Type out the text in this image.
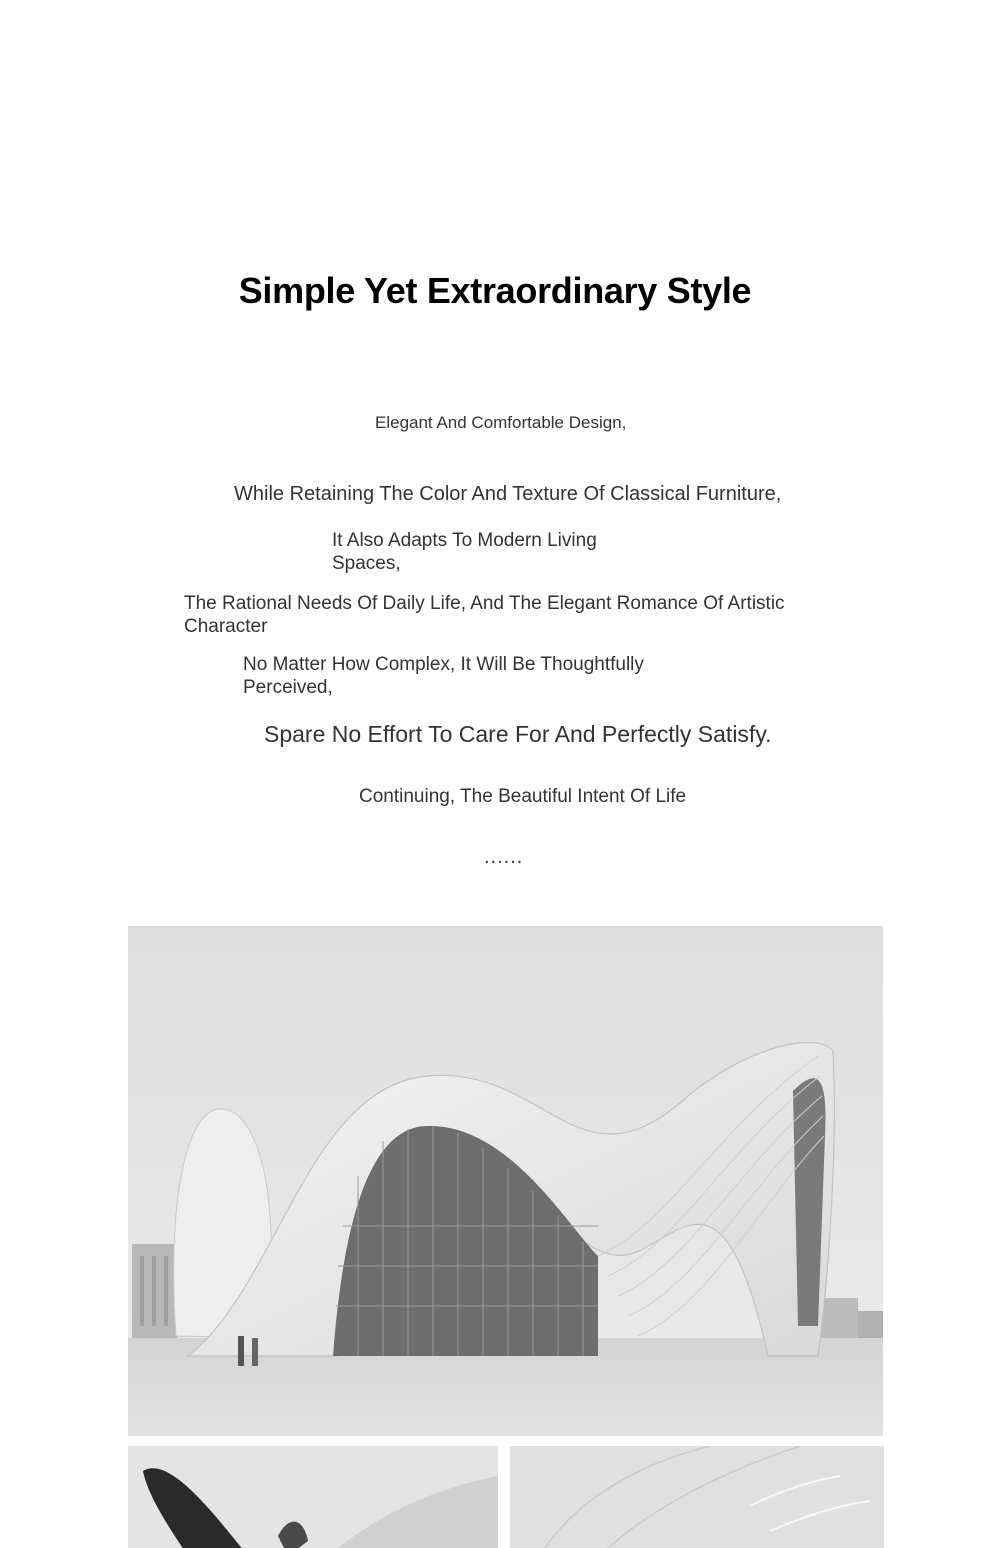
Simple Yet Extraordinary Style
Elegant And Comfortable Design,
While Retaining The Color And Texture Of Classical Furniture,
It Also Adapts To Modern Living Spaces,
The Rational Needs Of Daily Life, And The Elegant Romance Of Artistic Character
No Matter How Complex, It Will Be Thoughtfully Perceived,
Spare No Effort To Care For And Perfectly Satisfy.
Continuing, The Beautiful Intent Of Life
......
